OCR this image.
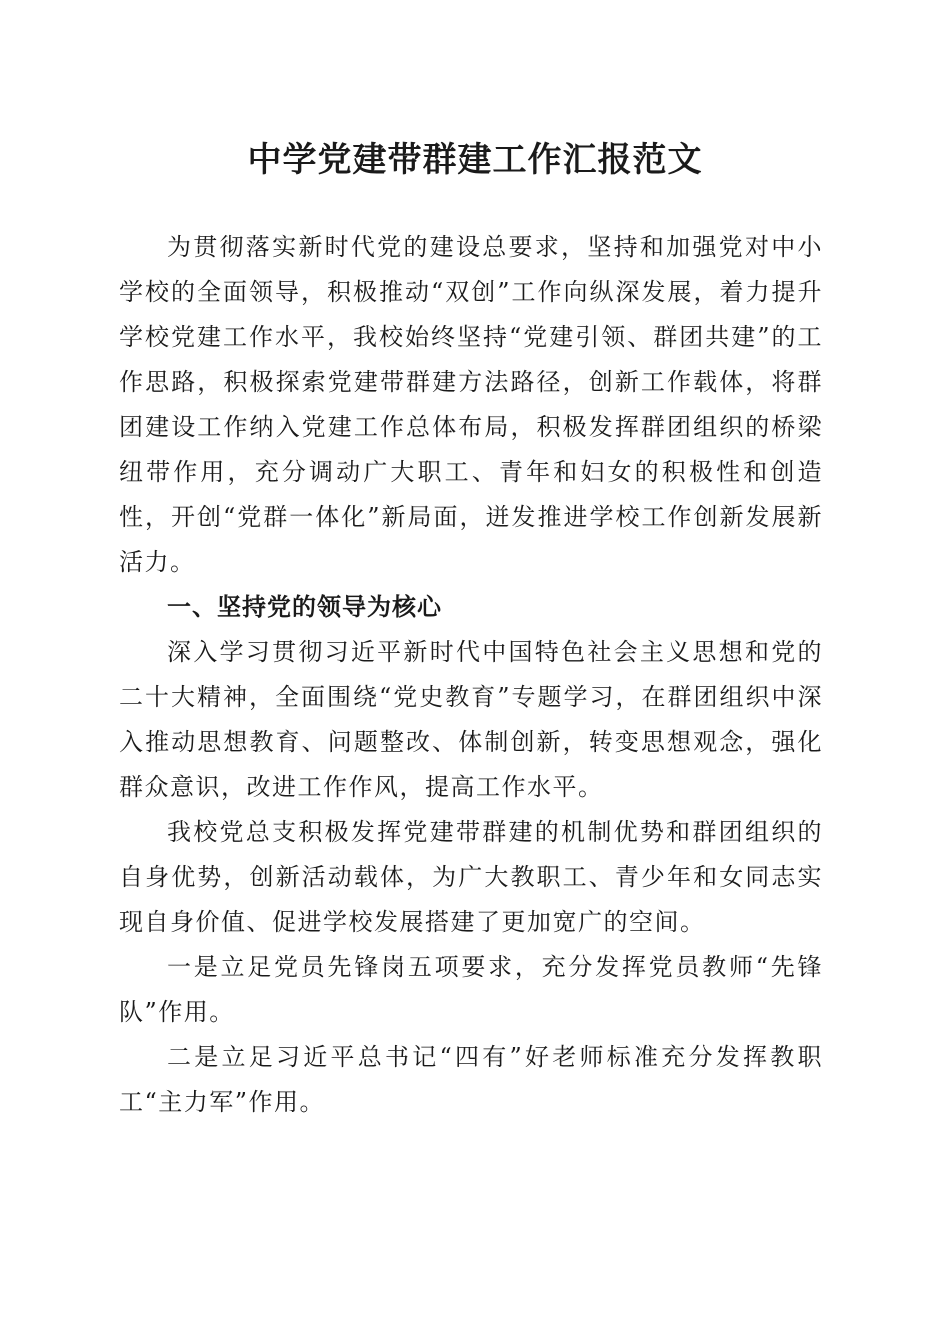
中学党建带群建工作汇报范文

为贯彻落实新时代党的建设总要求，坚持和加强党对中小学校的全面领导，积极推动“双创”工作向纵深发展，着力提升学校党建工作水平，我校始终坚持“党建引领、群团共建”的工作思路，积极探索党建带群建方法路径，创新工作载体，将群团建设工作纳入党建工作总体布局，积极发挥群团组织的桥梁纽带作用，充分调动广大职工、青年和妇女的积极性和创造性，开创“党群一体化”新局面，迸发推进学校工作创新发展新活力。

一、坚持党的领导为核心

深入学习贯彻习近平新时代中国特色社会主义思想和党的二十大精神，全面围绕“党史教育”专题学习，在群团组织中深入推动思想教育、问题整改、体制创新，转变思想观念，强化群众意识，改进工作作风，提高工作水平。

我校党总支积极发挥党建带群建的机制优势和群团组织的自身优势，创新活动载体，为广大教职工、青少年和女同志实现自身价值、促进学校发展搭建了更加宽广的空间。

一是立足党员先锋岗五项要求，充分发挥党员教师“先锋队”作用。

二是立足习近平总书记“四有”好老师标准充分发挥教职工“主力军”作用。
